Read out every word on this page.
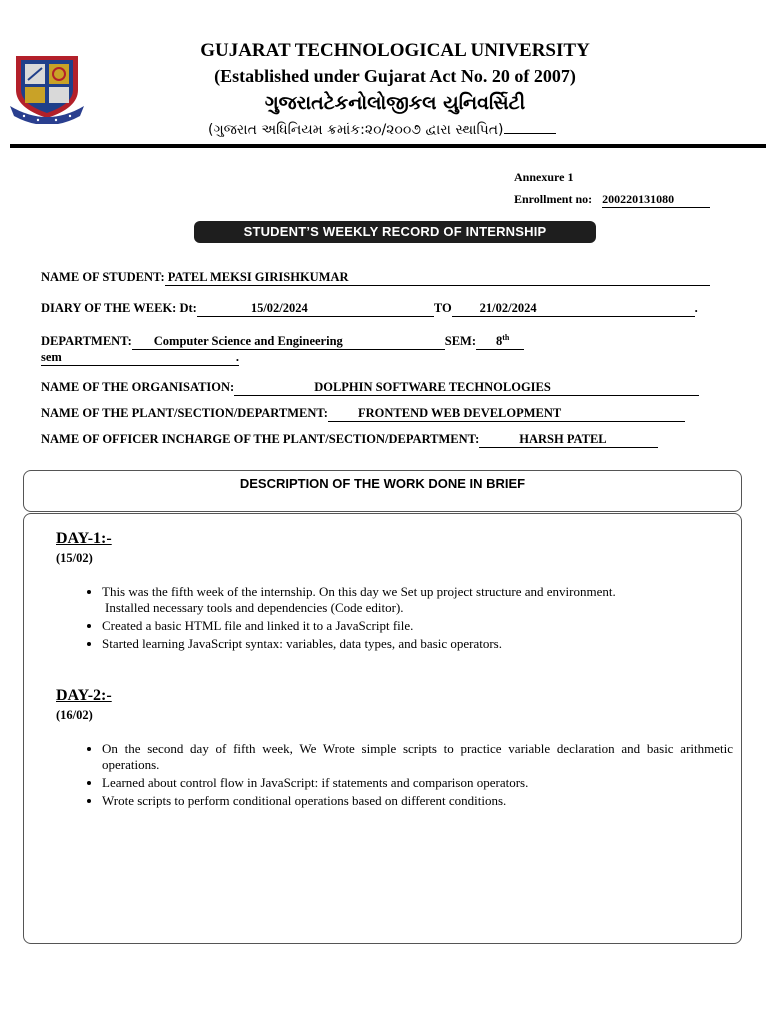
GUJARAT TECHNOLOGICAL UNIVERSITY
(Established under Gujarat Act No. 20 of 2007)
ગુજરાતટેકનોલોજીકલ યુનિવર્સિટી
(ગુજરાત અધિનિયમ ક્રમાંક:૨૦/૨૦૦૭ દ્વારા સ્થાપિત)
Annexure 1
Enrollment no: 200220131080
STUDENT’S WEEKLY RECORD OF INTERNSHIP
NAME OF STUDENT: PATEL MEKSI GIRISHKUMAR
DIARY OF THE WEEK: Dt:	15/02/2024	TO 21/02/2024	.
DEPARTMENT: Computer Science and Engineering	SEM: 8th
sem	.
NAME OF THE ORGANISATION:	DOLPHIN SOFTWARE TECHNOLOGIES
NAME OF THE PLANT/SECTION/DEPARTMENT: FRONTEND WEB DEVELOPMENT
NAME OF OFFICER INCHARGE OF THE PLANT/SECTION/DEPARTMENT:	HARSH PATEL
DESCRIPTION OF THE WORK DONE IN BRIEF
DAY-1:-
(15/02)
• This was the fifth week of the internship. On this day we Set up project structure and environment.
Installed necessary tools and dependencies (Code editor).
• Created a basic HTML file and linked it to a JavaScript file.
• Started learning JavaScript syntax: variables, data types, and basic operators.
DAY-2:-
(16/02)
• On the second day of fifth week, We Wrote simple scripts to practice variable declaration and basic arithmetic operations.
• Learned about control flow in JavaScript: if statements and comparison operators.
• Wrote scripts to perform conditional operations based on different conditions.
